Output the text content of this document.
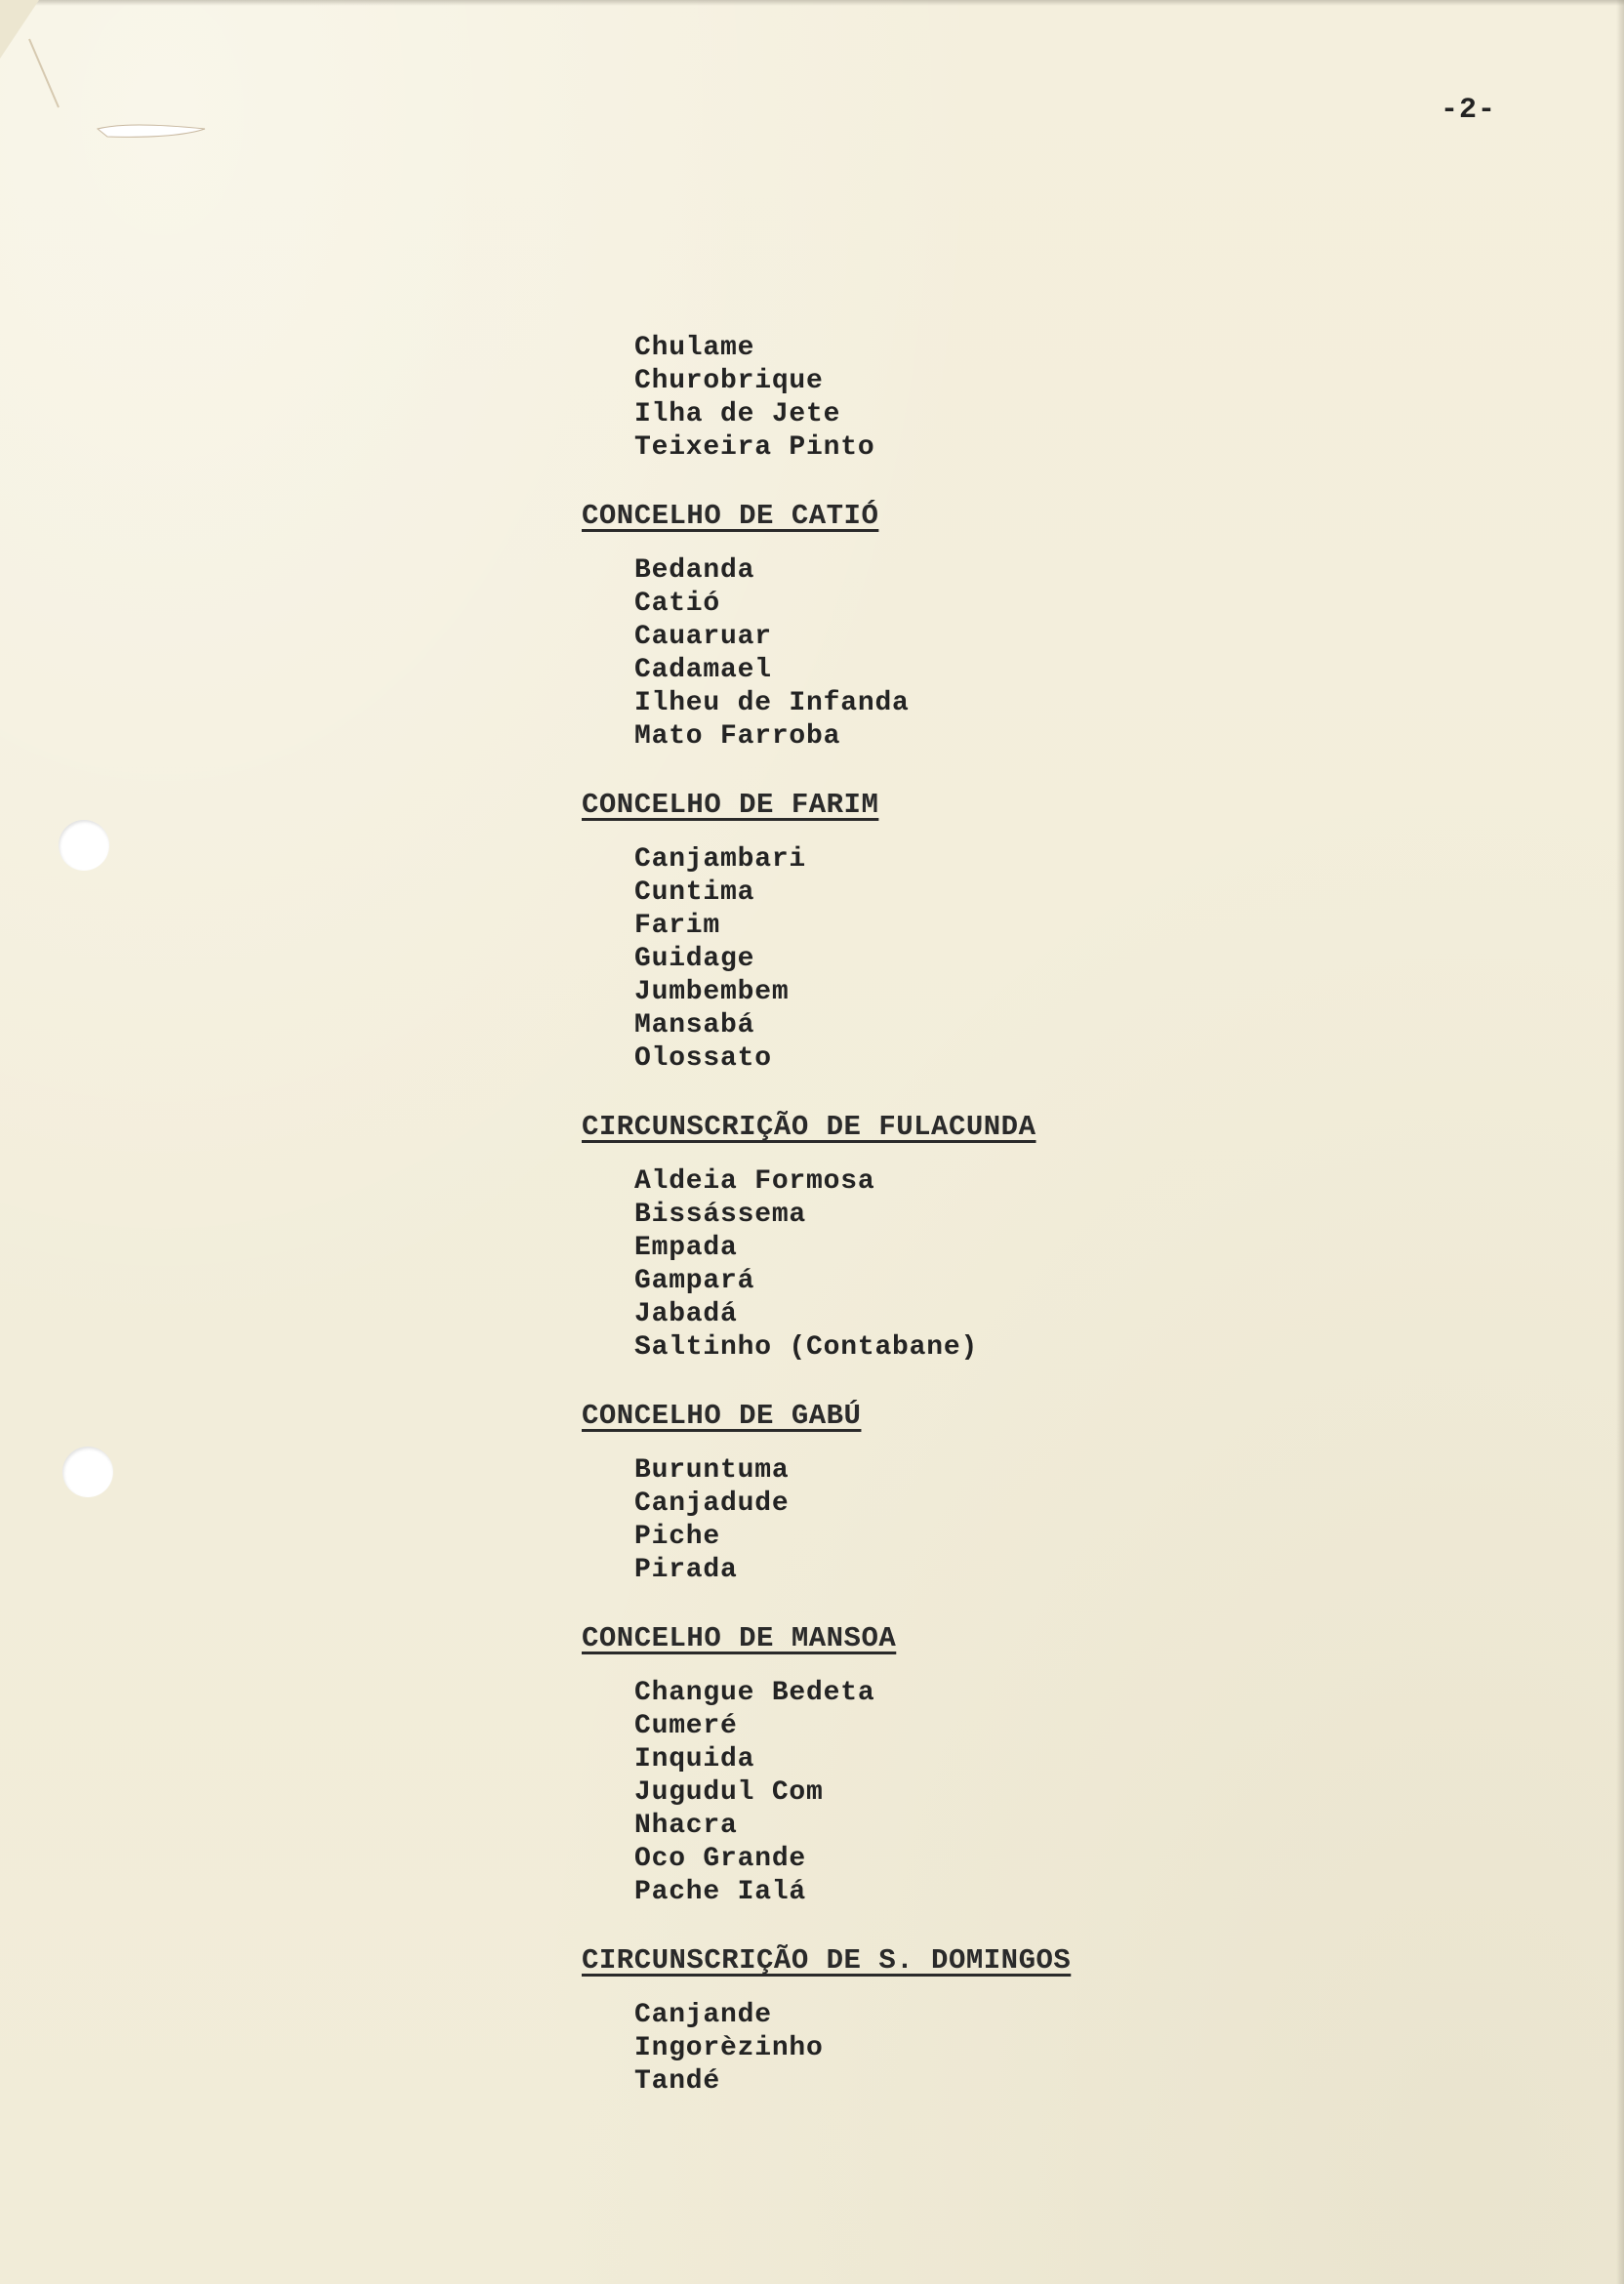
-2-
Chulame
Churobrique
Ilha de Jete
Teixeira Pinto
CONCELHO DE CATIÓ
Bedanda
Catió
Cauaruar
Cadamael
Ilheu de Infanda
Mato Farroba
CONCELHO DE FARIM
Canjambari
Cuntima
Farim
Guidage
Jumbembem
Mansabá
Olossato
CIRCUNSCRIÇÃO DE FULACUNDA
Aldeia Formosa
Bissássema
Empada
Gampará
Jabadá
Saltinho (Contabane)
CONCELHO DE GABÚ
Buruntuma
Canjadude
Piche
Pirada
CONCELHO DE MANSOA
Changue Bedeta
Cumeré
Inquida
Jugudul Com
Nhacra
Oco Grande
Pache Ialá
CIRCUNSCRIÇÃO DE S. DOMINGOS
Canjande
Ingorèzinho
Tandé
